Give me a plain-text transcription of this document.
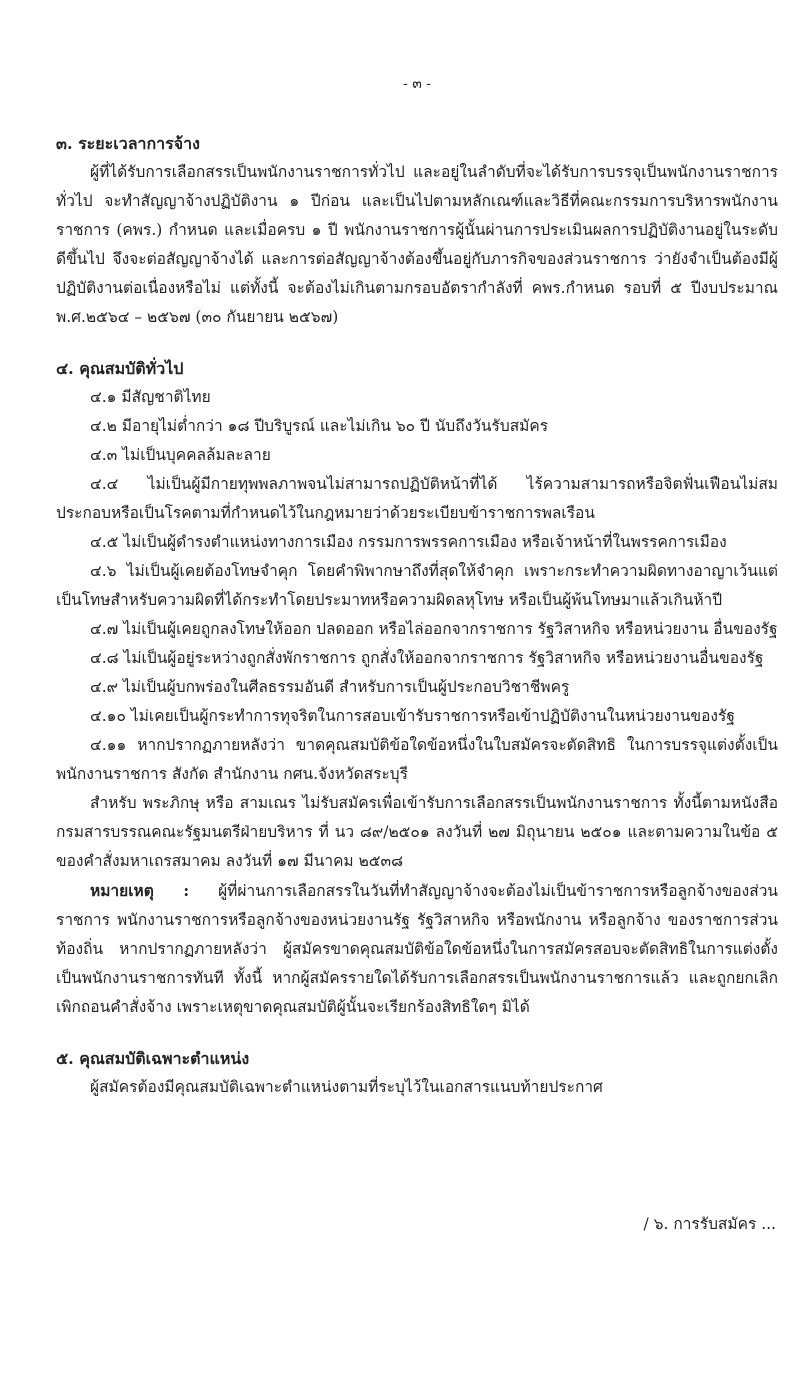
- ๓ -
๓. ระยะเวลาการจ้าง

ผู้ที่ได้รับการเลือกสรรเป็นพนักงานราชการทั่วไป และอยู่ในลำดับที่จะได้รับการบรรจุเป็นพนักงานราชการทั่วไป จะทำสัญญาจ้างปฏิบัติงาน ๑ ปีก่อน และเป็นไปตามหลักเณฑ์และวิธีที่คณะกรรมการบริหารพนักงานราชการ (คพร.) กำหนด และเมื่อครบ ๑ ปี พนักงานราชการผู้นั้นผ่านการประเมินผลการปฏิบัติงานอยู่ในระดับดีขึ้นไป จึงจะต่อสัญญาจ้างได้ และการต่อสัญญาจ้างต้องขึ้นอยู่กับภารกิจของส่วนราชการ ว่ายังจำเป็นต้องมีผู้ปฏิบัติงานต่อเนื่องหรือไม่ แต่ทั้งนี้ จะต้องไม่เกินตามกรอบอัตรากำลังที่ คพร.กำหนด รอบที่ ๕ ปีงบประมาณ พ.ศ.๒๕๖๔ – ๒๕๖๗ (๓๐ กันยายน ๒๕๖๗)

๔. คุณสมบัติทั่วไป

๔.๑ มีสัญชาติไทย

๔.๒ มีอายุไม่ต่ำกว่า ๑๘ ปีบริบูรณ์ และไม่เกิน ๖๐ ปี นับถึงวันรับสมัคร

๔.๓ ไม่เป็นบุคคลล้มละลาย

๔.๔ ไม่เป็นผู้มีกายทุพพลภาพจนไม่สามารถปฏิบัติหน้าที่ได้ ไร้ความสามารถหรือจิตฟั่นเฟือนไม่สมประกอบหรือเป็นโรคตามที่กำหนดไว้ในกฎหมายว่าด้วยระเบียบข้าราชการพลเรือน

๔.๕ ไม่เป็นผู้ดำรงตำแหน่งทางการเมือง กรรมการพรรคการเมือง หรือเจ้าหน้าที่ในพรรคการเมือง

๔.๖ ไม่เป็นผู้เคยต้องโทษจำคุก โดยคำพิพากษาถึงที่สุดให้จำคุก เพราะกระทำความผิดทางอาญาเว้นแต่เป็นโทษสำหรับความผิดที่ได้กระทำโดยประมาทหรือความผิดลหุโทษ หรือเป็นผู้พ้นโทษมาแล้วเกินห้าปี

๔.๗ ไม่เป็นผู้เคยถูกลงโทษให้ออก ปลดออก หรือไล่ออกจากราชการ รัฐวิสาหกิจ หรือหน่วยงาน อื่นของรัฐ

๔.๘ ไม่เป็นผู้อยู่ระหว่างถูกสั่งพักราชการ ถูกสั่งให้ออกจากราชการ รัฐวิสาหกิจ หรือหน่วยงานอื่นของรัฐ

๔.๙ ไม่เป็นผู้บกพร่องในศีลธรรมอันดี สำหรับการเป็นผู้ประกอบวิชาชีพครู

๔.๑๐ ไม่เคยเป็นผู้กระทำการทุจริตในการสอบเข้ารับราชการหรือเข้าปฏิบัติงานในหน่วยงานของรัฐ

๔.๑๑ หากปรากฏภายหลังว่า ขาดคุณสมบัติข้อใดข้อหนึ่งในใบสมัครจะตัดสิทธิ ในการบรรจุแต่งตั้งเป็นพนักงานราชการ สังกัด สำนักงาน กศน.จังหวัดสระบุรี

สำหรับ พระภิกษุ หรือ สามเณร ไม่รับสมัครเพื่อเข้ารับการเลือกสรรเป็นพนักงานราชการ ทั้งนี้ตามหนังสือกรมสารบรรณคณะรัฐมนตรีฝ่ายบริหาร ที่ นว ๘๙/๒๕๐๑ ลงวันที่ ๒๗ มิถุนายน ๒๕๐๑ และตามความในข้อ ๕ ของคำสั่งมหาเถรสมาคม ลงวันที่ ๑๗ มีนาคม ๒๕๓๘

หมายเหตุ : ผู้ที่ผ่านการเลือกสรรในวันที่ทำสัญญาจ้างจะต้องไม่เป็นข้าราชการหรือลูกจ้างของส่วนราชการ พนักงานราชการหรือลูกจ้างของหน่วยงานรัฐ รัฐวิสาหกิจ หรือพนักงาน หรือลูกจ้าง ของราชการส่วนท้องถิ่น หากปรากฏภายหลังว่า ผู้สมัครขาดคุณสมบัติข้อใดข้อหนึ่งในการสมัครสอบจะตัดสิทธิในการแต่งตั้งเป็นพนักงานราชการทันที ทั้งนี้ หากผู้สมัครรายใดได้รับการเลือกสรรเป็นพนักงานราชการแล้ว และถูกยกเลิก เพิกถอนคำสั่งจ้าง เพราะเหตุขาดคุณสมบัติผู้นั้นจะเรียกร้องสิทธิใดๆ มิได้

๕. คุณสมบัติเฉพาะตำแหน่ง

ผู้สมัครต้องมีคุณสมบัติเฉพาะตำแหน่งตามที่ระบุไว้ในเอกสารแนบท้ายประกาศ

/ ๖. การรับสมัคร ...
